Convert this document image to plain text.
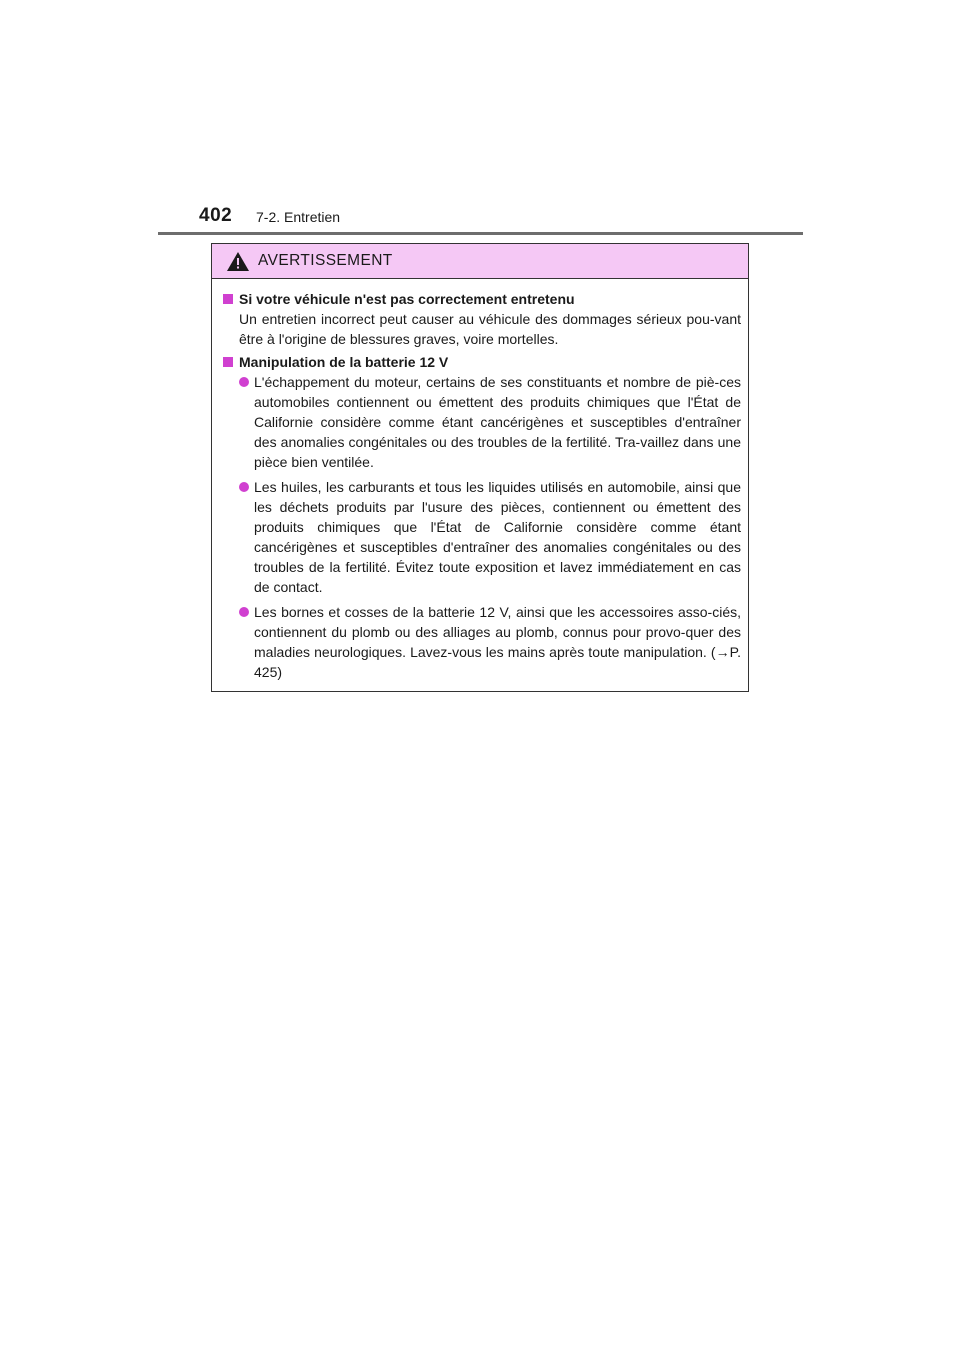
402 7-2. Entretien
AVERTISSEMENT
Si votre véhicule n'est pas correctement entretenu
Un entretien incorrect peut causer au véhicule des dommages sérieux pou-vant être à l'origine de blessures graves, voire mortelles.
Manipulation de la batterie 12 V
L'échappement du moteur, certains de ses constituants et nombre de piè-ces automobiles contiennent ou émettent des produits chimiques que l'État de Californie considère comme étant cancérigènes et susceptibles d'entraîner des anomalies congénitales ou des troubles de la fertilité. Tra-vaillez dans une pièce bien ventilée.
Les huiles, les carburants et tous les liquides utilisés en automobile, ainsi que les déchets produits par l'usure des pièces, contiennent ou émettent des produits chimiques que l'État de Californie considère comme étant cancérigènes et susceptibles d'entraîner des anomalies congénitales ou des troubles de la fertilité. Évitez toute exposition et lavez immédiatement en cas de contact.
Les bornes et cosses de la batterie 12 V, ainsi que les accessoires asso-ciés, contiennent du plomb ou des alliages au plomb, connus pour provo-quer des maladies neurologiques. Lavez-vous les mains après toute manipulation. (→P. 425)
